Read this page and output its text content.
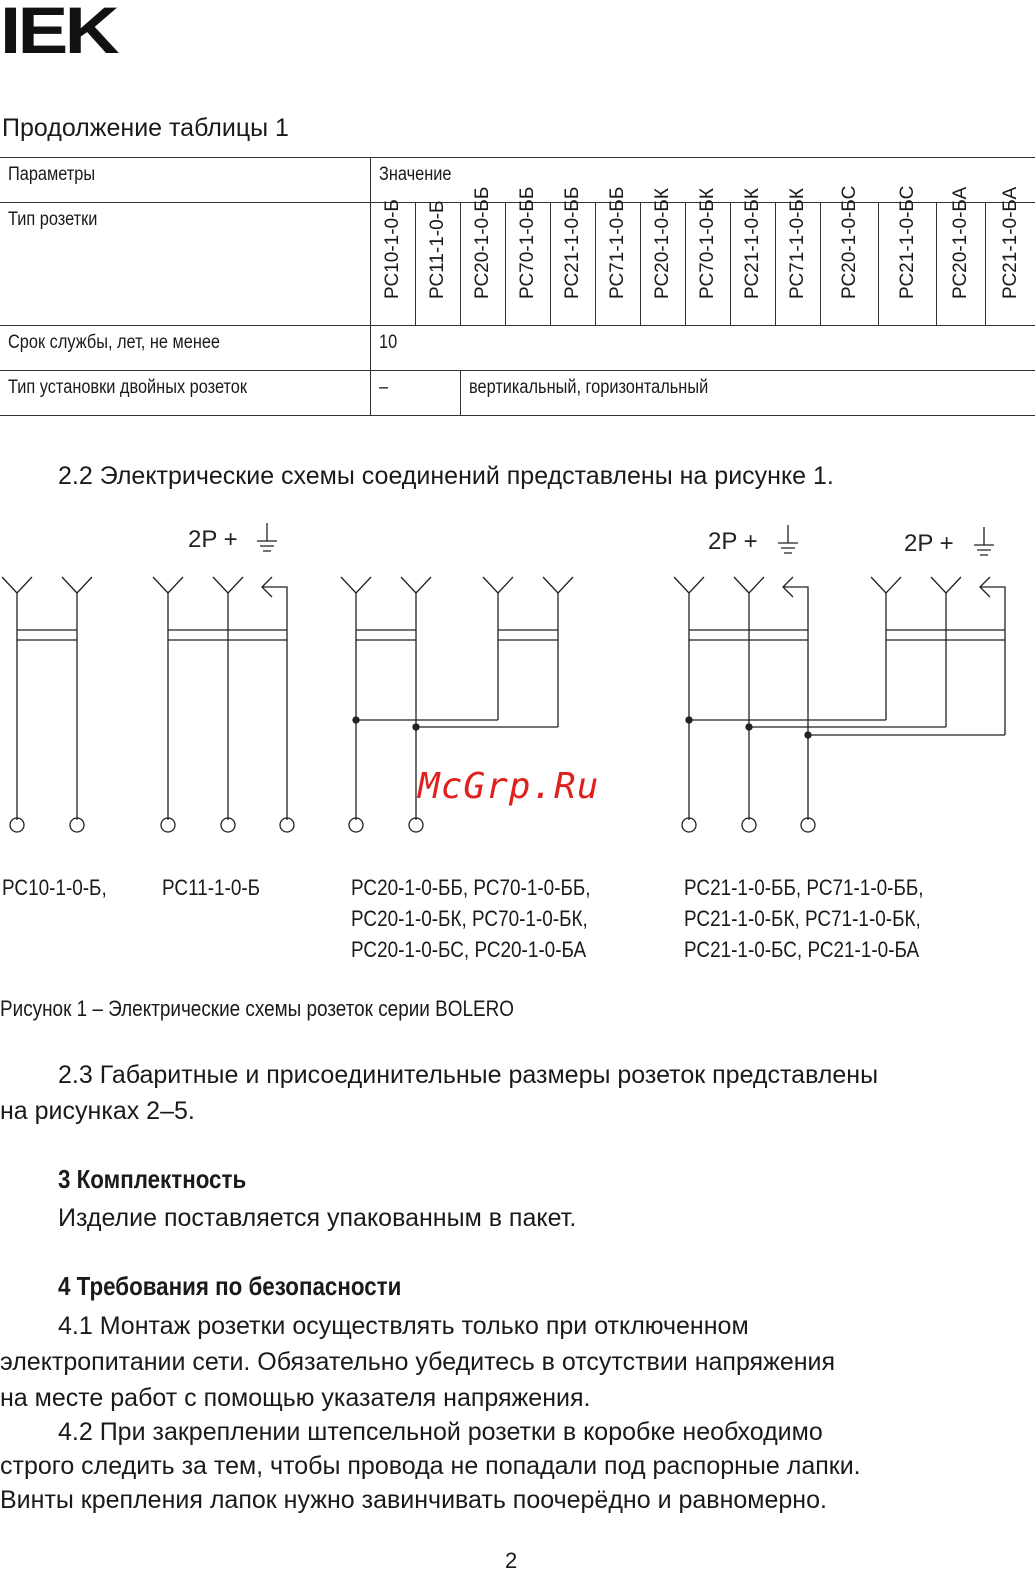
IEK
Продолжение таблицы 1
Параметры	Значение													
Тип розетки	РС10-1-0-Б	РС11-1-0-Б	РС20-1-0-ББ	РС70-1-0-ББ	РС21-1-0-ББ	РС71-1-0-ББ	РС20-1-0-БК	РС70-1-0-БК	РС21-1-0-БК	РС71-1-0-БК	РС20-1-0-БС	РС21-1-0-БС	РС20-1-0-БА	РС21-1-0-БА

Срок службы, лет, не менее	10													
Тип установки двойных розеток	–		вертикальный, горизонтальный											
2.2 Электрические схемы соединений представлены на рисунке 1.
2P +	2P +	2P +
McGrp.Ru
РС10-1-0-Б,	РС11-1-0-Б	РС20-1-0-ББ, РС70-1-0-ББ,
РС20-1-0-БК, РС70-1-0-БК,
РС20-1-0-БС, РС20-1-0-БА
РС21-1-0-ББ, РС71-1-0-ББ,
РС21-1-0-БК, РС71-1-0-БК,
РС21-1-0-БС, РС21-1-0-БА
Рисунок 1 – Электрические схемы розеток серии BOLERO
2.3 Габаритные и присоединительные размеры розеток представлены
на рисунках 2–5.
3 Комплектность
Изделие поставляется упакованным в пакет.
4 Требования по безопасности
4.1 Монтаж розетки осуществлять только при отключенном
электропитании сети. Обязательно убедитесь в отсутствии напряжения
на месте работ с помощью указателя напряжения.
4.2 При закреплении штепсельной розетки в коробке необходимо
строго следить за тем, чтобы провода не попадали под распорные лапки.
Винты крепления лапок нужно завинчивать поочерёдно и равномерно.
2
